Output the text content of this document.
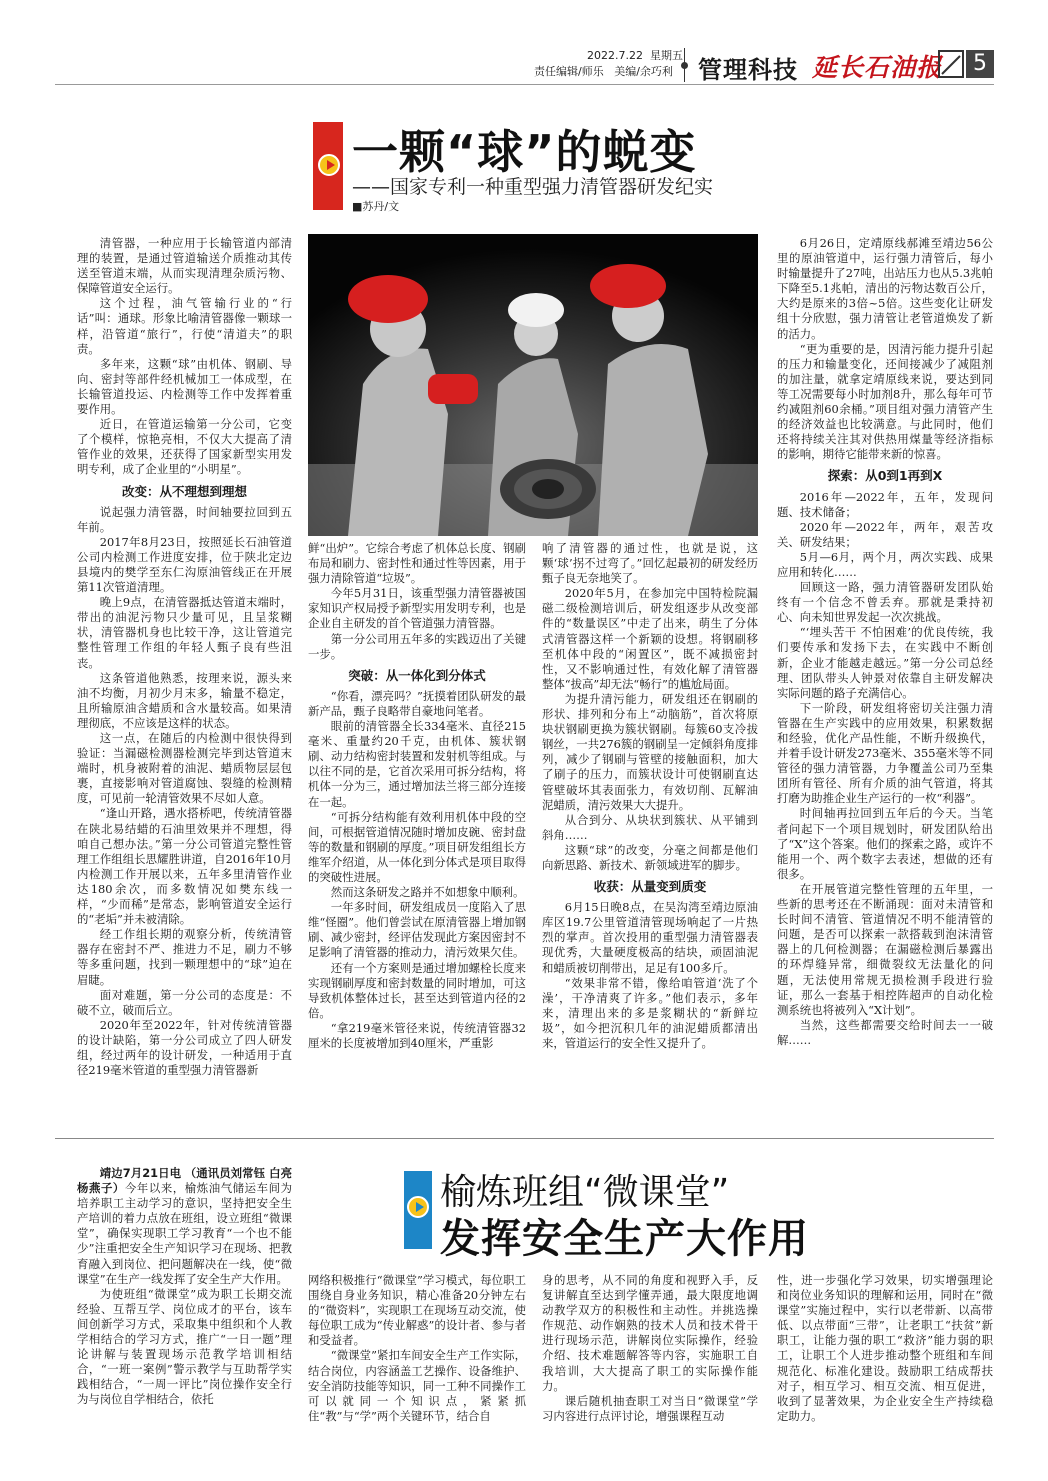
2022.7.22 星期五
责任编辑/师乐 美编/余巧利 管理科技 延长石油报	5
一颗“球”的蜕变
——国家专利一种重型强力清管器研发纪实
■苏丹/文

清管器，一种应用于长输管道内部清理的装置，是通过管道输送介质推动其传送至管道末端，从而实现清理杂质污物、保障管道安全运行。

这个过程，油气管输行业的“行话”叫：通球。形象比喻清管器像一颗球一样，沿管道“旅行”，行使“清道夫”的职责。

多年来，这颗“球”由机体、钢刷、导向、密封等部件经机械加工一体成型，在长输管道投运、内检测等工作中发挥着重要作用。

近日，在管道运输第一分公司，它变了个模样，惊艳亮相，不仅大大提高了清管作业的效果，还获得了国家新型实用发明专利，成了企业里的“小明星”。

改变：从不理想到理想

说起强力清管器，时间轴要拉回到五年前。

2017年8月23日，按照延长石油管道公司内检测工作进度安排，位于陕北定边县境内的樊学至东仁沟原油管线正在开展第11次管道清理。

晚上9点，在清管器抵达管道末端时，带出的油泥污物只少量可见，且呈浆糊状，清管器机身也比较干净，这让管道完整性管理工作组的年轻人甄子良有些沮丧。

这条管道他熟悉，按理来说，源头来油不均衡，月初少月末多，输量不稳定，且所输原油含蜡质和含水量较高。如果清理彻底，不应该是这样的状态。

这一点，在随后的内检测中很快得到验证：当漏磁检测器检测完毕到达管道末端时，机身被附着的油泥、蜡质物层层包裹，直接影响对管道腐蚀、裂缝的检测精度，可见前一轮清管效果不尽如人意。

“逢山开路，遇水搭桥吧，传统清管器在陕北易结蜡的石油里效果并不理想，得咱自己想办法。”第一分公司管道完整性管理工作组组长思耀胜讲道，自2016年10月内检测工作开展以来，五年多里清管作业达180余次，而多数情况如樊东线一样，“少而稀”是常态，影响管道安全运行的“老垢”并未被清除。

经工作组长期的观察分析，传统清管器存在密封不严、推进力不足，刷力不够等多重问题，找到一颗理想中的“球”迫在眉睫。

面对难题，第一分公司的态度是：不破不立，破而后立。

2020年至2022年，针对传统清管器的设计缺陷，第一分公司成立了四人研发组，经过两年的设计研发，一种适用于直径219毫米管道的重型强力清管器新

鲜“出炉”。它综合考虑了机体总长度、钢刷布局和刷力、密封性和通过性等因素，用于强力清除管道“垃圾”。

今年5月31日，该重型强力清管器被国家知识产权局授予新型实用发明专利，也是企业自主研发的首个管道强力清管器。

第一分公司用五年多的实践迈出了关键一步。

突破：从一体化到分体式

“你看，漂亮吗？”抚摸着团队研发的最新产品，甄子良略带自豪地问笔者。

眼前的清管器全长334毫米、直径215毫米、重量约20千克，由机体、簇状钢刷、动力结构密封装置和发射机等组成。与以往不同的是，它首次采用可拆分结构，将机体一分为三，通过增加法兰将三部分连接在一起。

“可拆分结构能有效利用机体中段的空间，可根据管道情况随时增加皮碗、密封盘等的数量和钢刷的厚度。”项目研发组组长方维军介绍道，从一体化到分体式是项目取得的突破性进展。

然而这条研发之路并不如想象中顺利。

一年多时间，研发组成员一度陷入了思维“怪圈”。他们曾尝试在原清管器上增加钢刷、减少密封，经评估发现此方案因密封不足影响了清管器的推动力，清污效果欠佳。

还有一个方案则是通过增加螺栓长度来实现钢刷厚度和密封数量的同时增加，可这导致机体整体过长，甚至达到管道内径的2倍。

“拿219毫米管径来说，传统清管器32厘米的长度被增加到40厘米，严重影

响了清管器的通过性，也就是说，这颗‘球’拐不过弯了。”回忆起最初的研发经历甄子良无奈地笑了。

2020年5月，在参加完中国特检院漏磁二级检测培训后，研发组逐步从改变部件的“数量误区”中走了出来，萌生了分体式清管器这样一个新颖的设想。将钢刷移至机体中段的“闲置区”，既不减损密封性，又不影响通过性，有效化解了清管器整体“拔高”却无法“畅行”的尴尬局面。

为提升清污能力，研发组还在钢刷的形状、排列和分布上“动脑筋”，首次将原块状钢刷更换为簇状钢刷。每簇60支冷拔钢丝，一共276簇的钢刷呈一定倾斜角度排列，减少了钢刷与管壁的接触面积，加大了刷子的压力，而簇状设计可使钢刷直达管壁破坏其表面张力，有效切削、瓦解油泥蜡质，清污效果大大提升。

从合到分、从块状到簇状、从平铺到斜角……

这颗“球”的改变，分毫之间都是他们向新思路、新技术、新领域进军的脚步。

收获：从量变到质变

6月15日晚8点，在吴沟湾至靖边原油库区19.7公里管道清管现场响起了一片热烈的掌声。首次投用的重型强力清管器表现优秀，大量硬度极高的结块，顽固油泥和蜡质被切削带出，足足有100多斤。

“效果非常不错，像给咱管道‘洗了个澡’，干净清爽了许多。”他们表示，多年来，清理出来的多是浆糊状的“新鲜垃圾”，如今把沉积几年的油泥蜡质都清出来，管道运行的安全性又提升了。

6月26日，定靖原线郝滩至靖边56公里的原油管道中，运行强力清管后，每小时输量提升了27吨，出站压力也从5.3兆帕下降至5.1兆帕，清出的污物达数百公斤，大约是原来的3倍~5倍。这些变化让研发组十分欣慰，强力清管让老管道焕发了新的活力。

“更为重要的是，因清污能力提升引起的压力和输量变化，还间接减少了减阻剂的加注量，就拿定靖原线来说，要达到同等工况需要每小时加剂8升，那么每年可节约减阻剂60余桶。”项目组对强力清管产生的经济效益也比较满意。与此同时，他们还将持续关注其对供热用煤量等经济指标的影响，期待它能带来新的惊喜。

探索：从0到1再到X

2016年—2022年，五年，发现问题、技术储备；

2020年—2022年，两年，艰苦攻关、研发结果；

5月—6月，两个月，两次实践、成果应用和转化……

回顾这一路，强力清管器研发团队始终有一个信念不曾丢弃。那就是秉持初心、向未知世界发起一次次挑战。

“‘埋头苦干 不怕困难’的优良传统，我们要传承和发扬下去，在实践中不断创新，企业才能越走越远。”第一分公司总经理、团队带头人钟景对依靠自主研发解决实际问题的路子充满信心。

下一阶段，研发组将密切关注强力清管器在生产实践中的应用效果，积累数据和经验，优化产品性能，不断升级换代，并着手设计研发273毫米、355毫米等不同管径的强力清管器，力争覆盖公司乃至集团所有管径、所有介质的油气管道，将其打磨为助推企业生产运行的一枚“利器”。

时间轴再拉回到五年后的今天。当笔者问起下一个项目规划时，研发团队给出了“X”这个答案。他们的探索之路，或许不能用一个、两个数字去表述，想做的还有很多。

在开展管道完整性管理的五年里，一些新的思考还在不断涌现：面对未清管和长时间不清管、管道情况不明不能清管的问题，是否可以探索一款搭载到泡沫清管器上的几何检测器；在漏磁检测后暴露出的环焊缝异常，细微裂纹无法量化的问题，无法使用常规无损检测手段进行验证，那么一套基于相控阵超声的自动化检测系统也将被列入“X计划”。

当然，这些都需要交给时间去一一破解……

榆炼班组“微课堂”
发挥安全生产大作用

靖边7月21日电 （通讯员刘常钰 白亮 杨燕子）今年以来，榆炼油气储运车间为培养职工主动学习的意识，坚持把安全生产培训的着力点放在班组，设立班组“微课堂”，确保实现职工学习教育“一个也不能少”注重把安全生产知识学习在现场、把教育融入到岗位、把问题解决在一线，使“微课堂”在生产一线发挥了安全生产大作用。

为使班组“微课堂”成为职工长期交流经验、互帮互学、岗位成才的平台，该车间创新学习方式，采取集中组织和个人教学相结合的学习方式，推广“一日一题”理论讲解与装置现场示范教学培训相结合，“一班一案例”警示教学与互助帮学实践相结合，“一周一评比”岗位操作安全行为与岗位自学相结合，依托

网络积极推行“微课堂”学习模式，每位职工围绕自身业务知识，精心准备20分钟左右的“微资料”，实现职工在现场互动交流，使每位职工成为“传业解惑”的设计者、参与者和受益者。

“微课堂”紧扣车间安全生产工作实际，结合岗位，内容涵盖工艺操作、设备维护、安全消防技能等知识，同一工种不同操作工可以就同一个知识点，紧紧抓住“教”与“学”两个关键环节，结合自

身的思考，从不同的角度和视野入手，反复讲解直至达到学懂弄通，最大限度地调动教学双方的积极性和主动性。并挑选操作规范、动作娴熟的技术人员和技术骨干进行现场示范，讲解岗位实际操作，经验介绍、技术难题解答等内容，实施职工自我培训，大大提高了职工的实际操作能力。

课后随机抽查职工对当日“微课堂”学习内容进行点评讨论，增强课程互动

性，进一步强化学习效果，切实增强理论和岗位业务知识的理解和运用，同时在“微课堂”实施过程中，实行以老带新、以高带低、以点带面“三带”，让老职工“扶贫”新职工，让能力强的职工“救济”能力弱的职工，让职工个人进步推动整个班组和车间规范化、标准化建设。鼓励职工结成帮扶对子，相互学习、相互交流、相互促进，收到了显著效果，为企业安全生产持续稳定助力。
